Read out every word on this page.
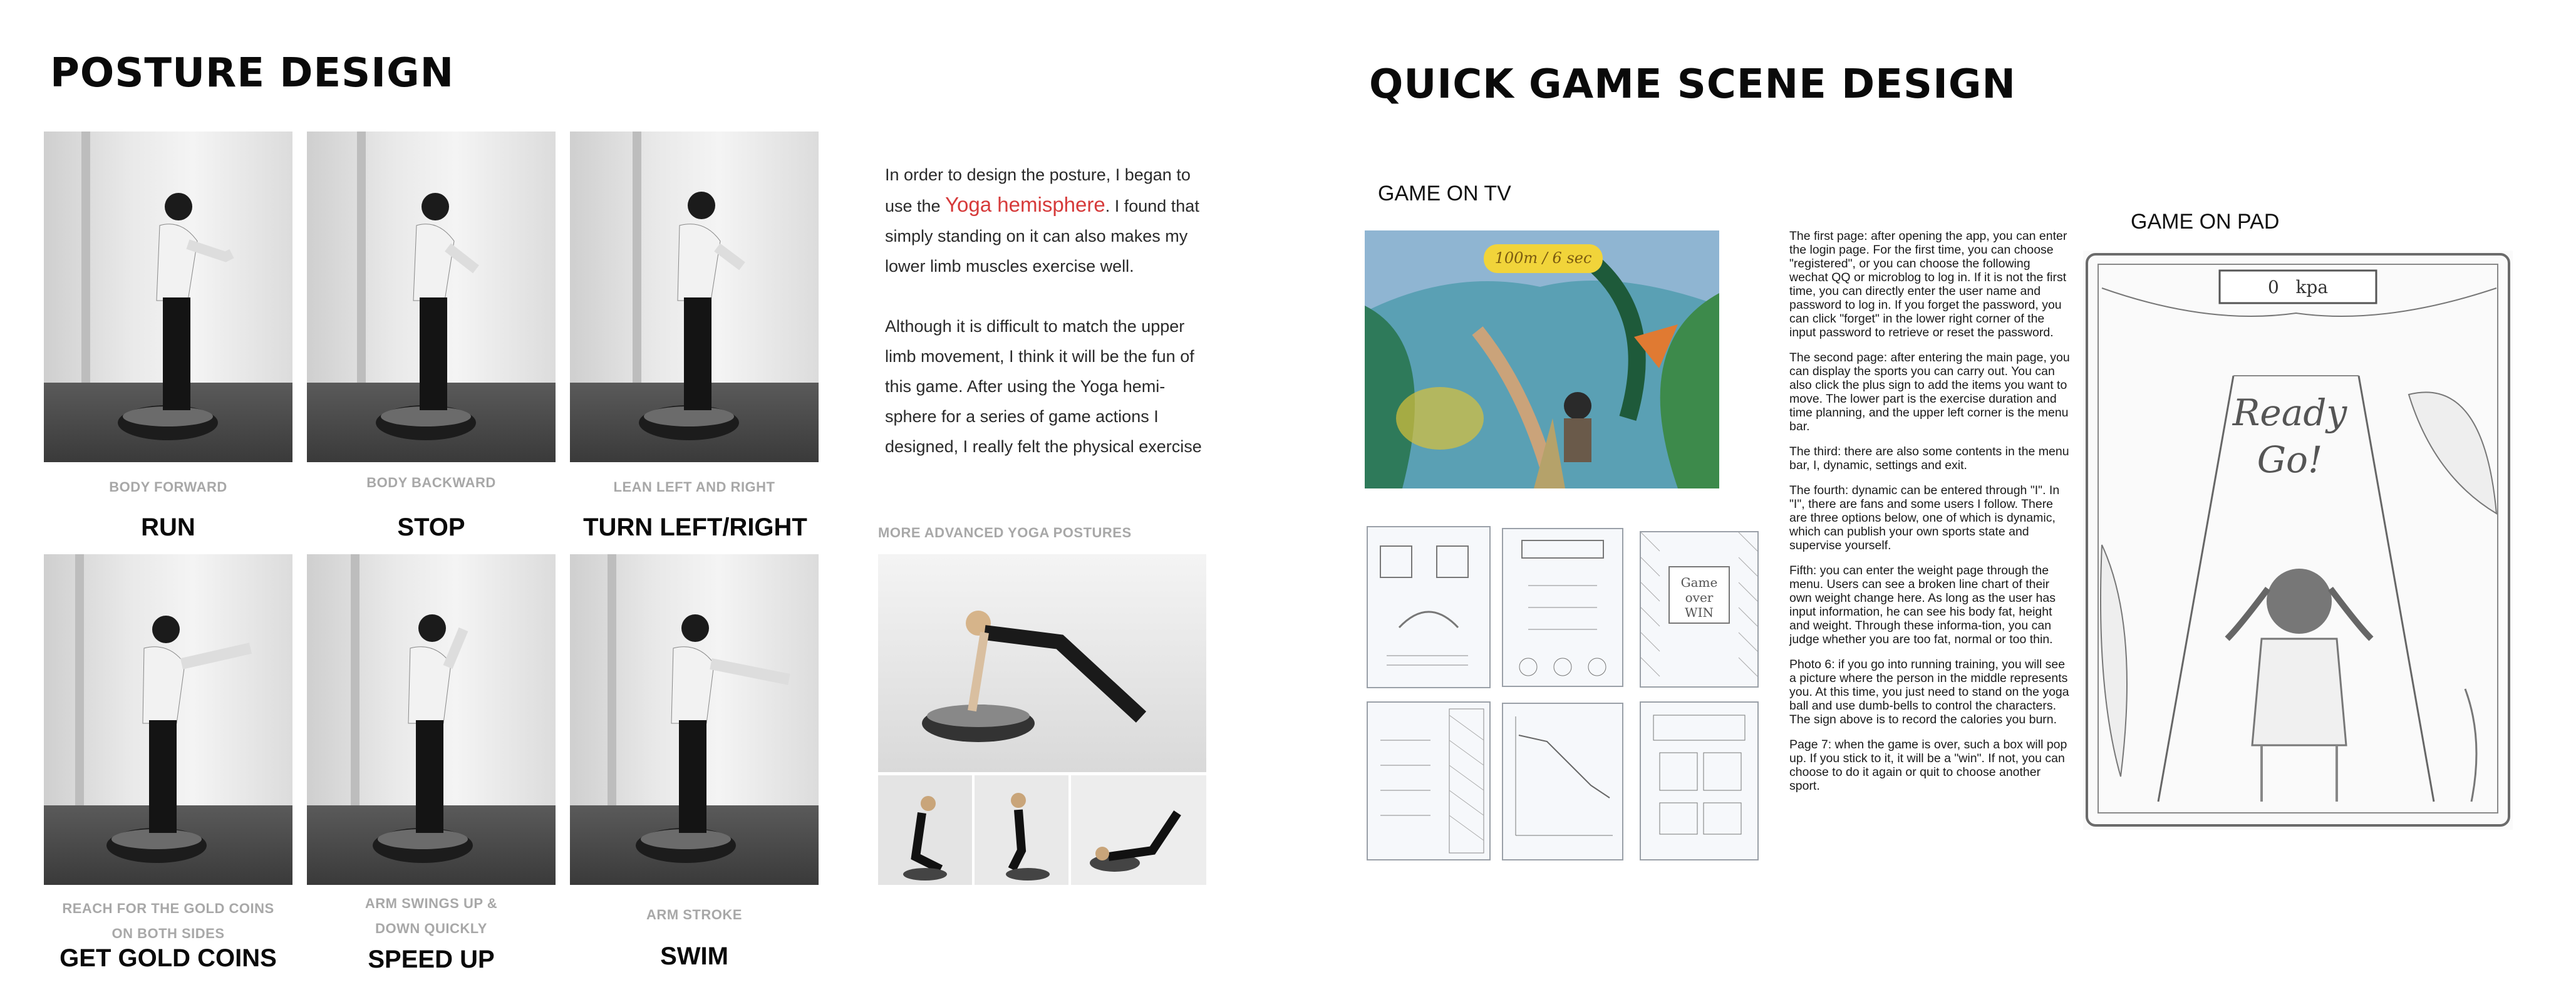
POSTURE DESIGN
BODY FORWARD	BODY BACKWARD	LEAN LEFT AND RIGHT
RUN	STOP	TURN LEFT/RIGHT
REACH FOR THE GOLD COINS
ON BOTH SIDES
ARM SWINGS UP &
DOWN QUICKLY
ARM STROKE
GET GOLD COINS	SPEED UP	SWIM
In order to design the posture, I began to
use the Yoga hemisphere. I found that
simply standing on it can also makes my
lower limb muscles exercise well.
Although it is difficult to match the upper
limb movement, I think it will be the fun of
this game. After using the Yoga hemi-
sphere for a series of game actions I
designed, I really felt the physical exercise
MORE ADVANCED YOGA POSTURES
QUICK GAME SCENE DESIGN
GAME ON TV
GAME ON PAD
100m / 6 sec
Game over
WIN

The first page: after opening the app, you can enter the login page. For the first time, you can choose "registered", or you can choose the following wechat QQ or microblog to log in. If it is not the first time, you can directly enter the user name and password to log in. If you forget the password, you can click "forget" in the lower right corner of the input password to retrieve or reset the password.

The second page: after entering the main page, you can display the sports you can carry out. You can also click the plus sign to add the items you want to move. The lower part is the exercise duration and time planning, and the upper left corner is the menu bar.

The third: there are also some contents in the menu bar, I, dynamic, settings and exit.

The fourth: dynamic can be entered through "I". In "I", there are fans and some users I follow. There are three options below, one of which is dynamic, which can publish your own sports state and supervise yourself.

Fifth: you can enter the weight page through the menu. Users can see a broken line chart of their own weight change here. As long as the user has input information, he can see his body fat, height and weight. Through these informa-tion, you can judge whether you are too fat, normal or too thin.

Photo 6: if you go into running training, you will see a picture where the person in the middle represents you. At this time, you just need to stand on the yoga ball and use dumb-bells to control the characters. The sign above is to record the calories you burn.

Page 7: when the game is over, such a box will pop up. If you stick to it, it will be a "win". If not, you can choose to do it again or quit to choose another sport.

0   kpa
Ready
Go!
